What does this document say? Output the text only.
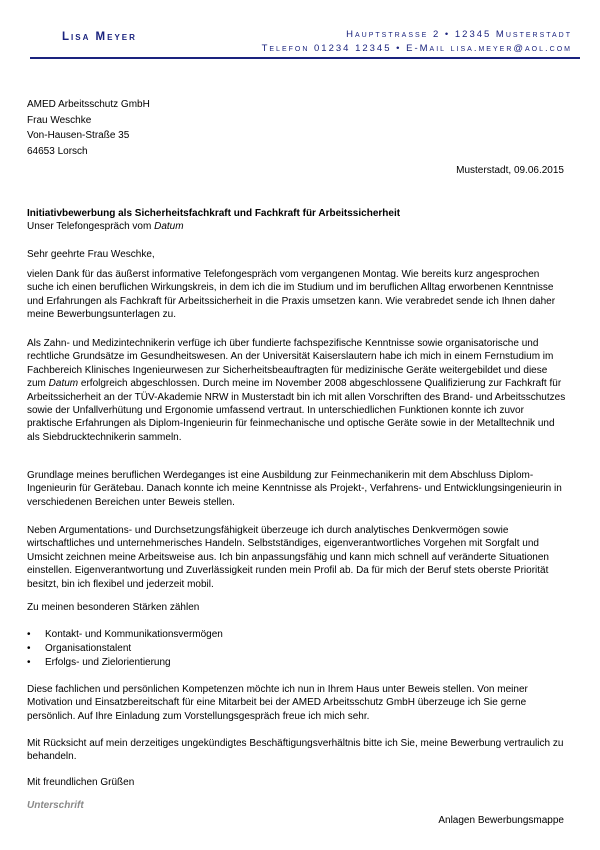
Lisa Meyer	Hauptstrasse 2 • 12345 Musterstadt
Telefon 01234 12345 • E-Mail lisa.meyer@aol.com
AMED Arbeitsschutz GmbH
Frau Weschke
Von-Hausen-Straße 35
64653 Lorsch
Musterstadt, 09.06.2015
Initiativbewerbung als Sicherheitsfachkraft und Fachkraft für Arbeitssicherheit
Unser Telefongespräch vom Datum
Sehr geehrte Frau Weschke,

vielen Dank für das äußerst informative Telefongespräch vom vergangenen Montag. Wie bereits kurz angesprochen suche ich einen beruflichen Wirkungskreis, in dem ich die im Studium und im beruflichen Alltag erworbenen Kenntnisse und Erfahrungen als Fachkraft für Arbeitssicherheit in die Praxis umsetzen kann. Wie verabredet sende ich Ihnen daher meine Bewerbungsunterlagen zu.

Als Zahn- und Medizintechnikerin verfüge ich über fundierte fachspezifische Kenntnisse sowie organisatorische und rechtliche Grundsätze im Gesundheitswesen. An der Universität Kaiserslautern habe ich mich in einem Fernstudium im Fachbereich Klinisches Ingenieurwesen zur Sicherheitsbeauftragten für medizinische Geräte weitergebildet und diese zum Datum erfolgreich abgeschlossen. Durch meine im November 2008 abgeschlossene Qualifizierung zur Fachkraft für Arbeitssicherheit an der TÜV-Akademie NRW in Musterstadt bin ich mit allen Vorschriften des Brand- und Arbeitsschutzes sowie der Unfallverhütung und Ergonomie umfassend vertraut. In unterschiedlichen Funktionen konnte ich zuvor praktische Erfahrungen als Diplom-Ingenieurin für feinmechanische und optische Geräte sowie in der Metalltechnik und als Siebdrucktechnikerin sammeln.

Grundlage meines beruflichen Werdeganges ist eine Ausbildung zur Feinmechanikerin mit dem Abschluss Diplom-Ingenieurin für Gerätebau. Danach konnte ich meine Kenntnisse als Projekt-, Verfahrens- und Entwicklungsingenieurin in verschiedenen Bereichen unter Beweis stellen.

Neben Argumentations- und Durchsetzungsfähigkeit überzeuge ich durch analytisches Denkvermögen sowie wirtschaftliches und unternehmerisches Handeln. Selbstständiges, eigenverantwortliches Vorgehen mit Sorgfalt und Umsicht zeichnen meine Arbeitsweise aus. Ich bin anpassungsfähig und kann mich schnell auf veränderte Situationen einstellen. Eigenverantwortung und Zuverlässigkeit runden mein Profil ab. Da für mich der Beruf stets oberste Priorität besitzt, bin ich flexibel und jederzeit mobil.

Zu meinen besonderen Stärken zählen

• Kontakt- und Kommunikationsvermögen
• Organisationstalent
• Erfolgs- und Zielorientierung

Diese fachlichen und persönlichen Kompetenzen möchte ich nun in Ihrem Haus unter Beweis stellen. Von meiner Motivation und Einsatzbereitschaft für eine Mitarbeit bei der AMED Arbeitsschutz GmbH überzeuge ich Sie gerne persönlich. Auf Ihre Einladung zum Vorstellungsgespräch freue ich mich sehr.

Mit Rücksicht auf mein derzeitiges ungekündigtes Beschäftigungsverhältnis bitte ich Sie, meine Bewerbung vertraulich zu behandeln.

Mit freundlichen Grüßen

Unterschrift
Anlagen Bewerbungsmappe
